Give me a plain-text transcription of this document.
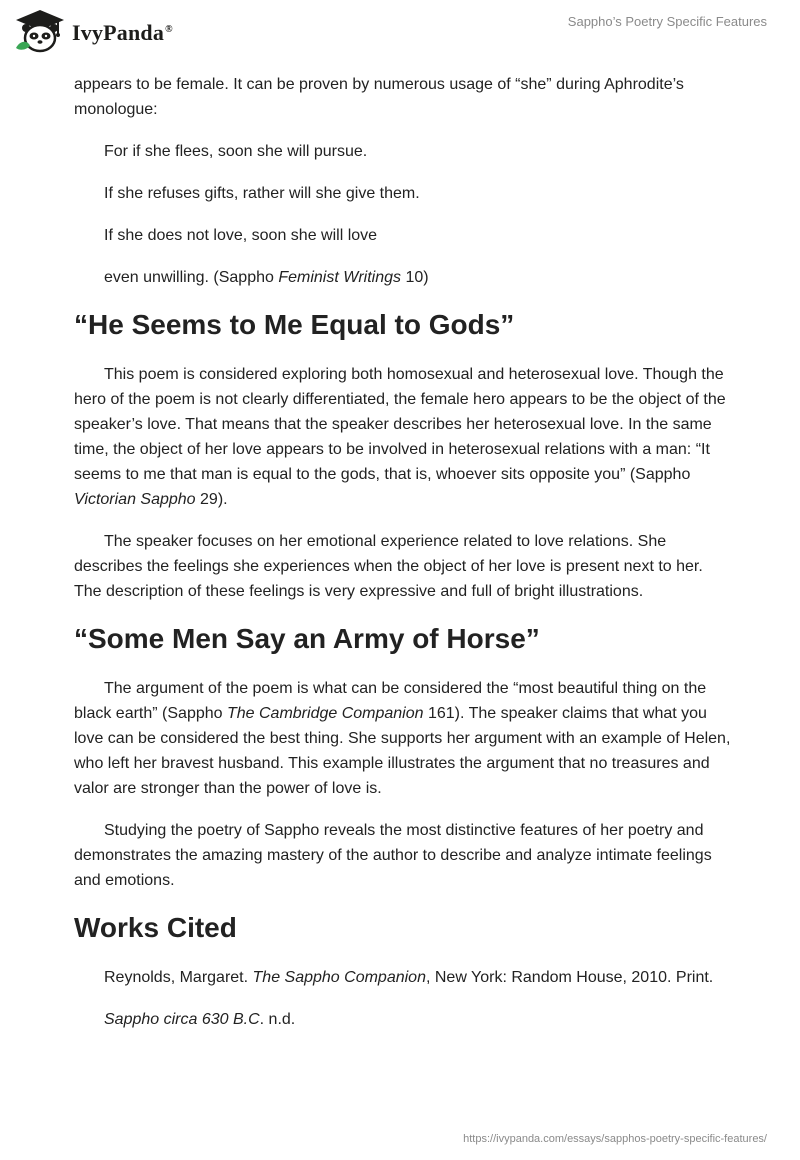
IvyPanda®
Sappho’s Poetry Specific Features

appears to be female. It can be proven by numerous usage of “she” during Aphrodite’s monologue:

For if she flees, soon she will pursue.

If she refuses gifts, rather will she give them.

If she does not love, soon she will love

even unwilling. (Sappho Feminist Writings 10)

“He Seems to Me Equal to Gods”

This poem is considered exploring both homosexual and heterosexual love. Though the hero of the poem is not clearly differentiated, the female hero appears to be the object of the speaker’s love. That means that the speaker describes her heterosexual love. In the same time, the object of her love appears to be involved in heterosexual relations with a man: “It seems to me that man is equal to the gods, that is, whoever sits opposite you” (Sappho Victorian Sappho 29).

The speaker focuses on her emotional experience related to love relations. She describes the feelings she experiences when the object of her love is present next to her. The description of these feelings is very expressive and full of bright illustrations.

“Some Men Say an Army of Horse”

The argument of the poem is what can be considered the “most beautiful thing on the black earth” (Sappho The Cambridge Companion 161). The speaker claims that what you love can be considered the best thing. She supports her argument with an example of Helen, who left her bravest husband. This example illustrates the argument that no treasures and valor are stronger than the power of love is.

Studying the poetry of Sappho reveals the most distinctive features of her poetry and demonstrates the amazing mastery of the author to describe and analyze intimate feelings and emotions.

Works Cited

Reynolds, Margaret. The Sappho Companion, New York: Random House, 2010. Print.

Sappho circa 630 B.C. n.d.

https://ivypanda.com/essays/sapphos-poetry-specific-features/
